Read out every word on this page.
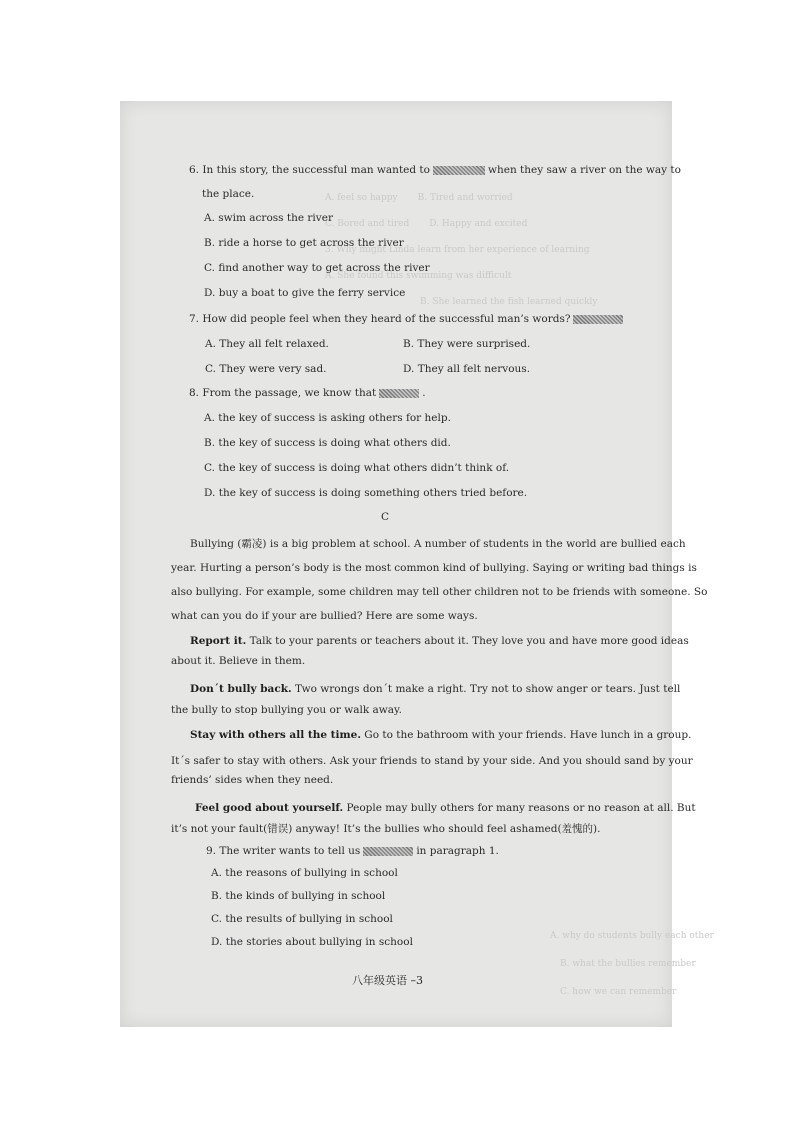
A. feel so happy       B. Tired and worried
C. Bored and tired       D. Happy and excited
3. Why might Linda learn from her experience of learning
A. She found this swimming was difficult
B. She learned the fish learned quickly
A. why do students bully each other
B. what the bullies remember
C. how we can remember
6. In this story, the successful man wanted to	when they saw a river on the way to
the place.
A. swim across the river
B. ride a horse to get across the river
C. find another way to get across the river
D. buy a boat to give the ferry service
7. How did people feel when they heard of the successful man’s words?
A. They all felt relaxed.	B. They were surprised.
C. They were very sad.	D. They all felt nervous.
8. From the passage, we know that	.
A. the key of success is asking others for help.
B. the key of success is doing what others did.
C. the key of success is doing what others didn’t think of.
D. the key of success is doing something others tried before.
C
Bullying (霸凌) is a big problem at school. A number of students in the world are bullied each
year. Hurting a person’s body is the most common kind of bullying. Saying or writing bad things is
also bullying. For example, some children may tell other children not to be friends with someone. So
what can you do if your are bullied? Here are some ways.
Report it. Talk to your parents or teachers about it. They love you and have more good ideas
about it. Believe in them.
Don´t bully back. Two wrongs don´t make a right. Try not to show anger or tears. Just tell
the bully to stop bullying you or walk away.
Stay with others all the time. Go to the bathroom with your friends. Have lunch in a group.
It´s safer to stay with others. Ask your friends to stand by your side. And you should sand by your
friends’ sides when they need.
Feel good about yourself. People may bully others for many reasons or no reason at all. But
it’s not your fault(错误) anyway! It’s the bullies who should feel ashamed(羞愧的).
9. The writer wants to tell us	in paragraph 1.
A. the reasons of bullying in school
B. the kinds of bullying in school
C. the results of bullying in school
D. the stories about bullying in school
八年级英语 –3
